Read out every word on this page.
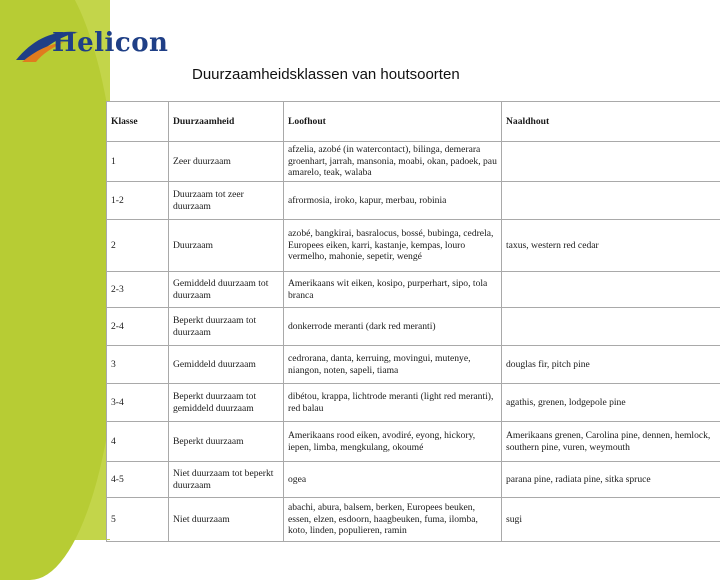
Helicon
Duurzaamheidsklassen van houtsoorten
Klasse	Duurzaamheid	Loofhout	Naaldhout
1	Zeer duurzaam	afzelia, azobé (in watercontact), bilinga, demerara groenhart, jarrah, mansonia, moabi, okan, padoek, pau amarelo, teak, walaba	
1-2	Duurzaam tot zeer duurzaam	afrormosia, iroko, kapur, merbau, robinia	
2	Duurzaam	azobé, bangkirai, basralocus, bossé, bubinga, cedrela, Europees eiken, karri, kastanje, kempas, louro vermelho, mahonie, sepetir, wengé	taxus, western red cedar
2-3	Gemiddeld duurzaam tot duurzaam	Amerikaans wit eiken, kosipo, purperhart, sipo, tola branca	
2-4	Beperkt duurzaam tot duurzaam	donkerrode meranti (dark red meranti)	
3	Gemiddeld duurzaam	cedrorana, danta, kerruing, movingui, mutenye, niangon, noten, sapeli, tiama	douglas fir, pitch pine
3-4	Beperkt duurzaam tot gemiddeld duurzaam	dibétou, krappa, lichtrode meranti (light red meranti), red balau	agathis, grenen, lodgepole pine
4	Beperkt duurzaam	Amerikaans rood eiken, avodiré, eyong, hickory, iepen, limba, mengkulang, okoumé	Amerikaans grenen, Carolina pine, dennen, hemlock, southern pine, vuren, weymouth
4-5	Niet duurzaam tot beperkt duurzaam	ogea	parana pine, radiata pine, sitka spruce
5	Niet duurzaam	abachi, abura, balsem, berken, Europees beuken, essen, elzen, esdoorn, haagbeuken, fuma, ilomba, koto, linden, populieren, ramin	sugi
